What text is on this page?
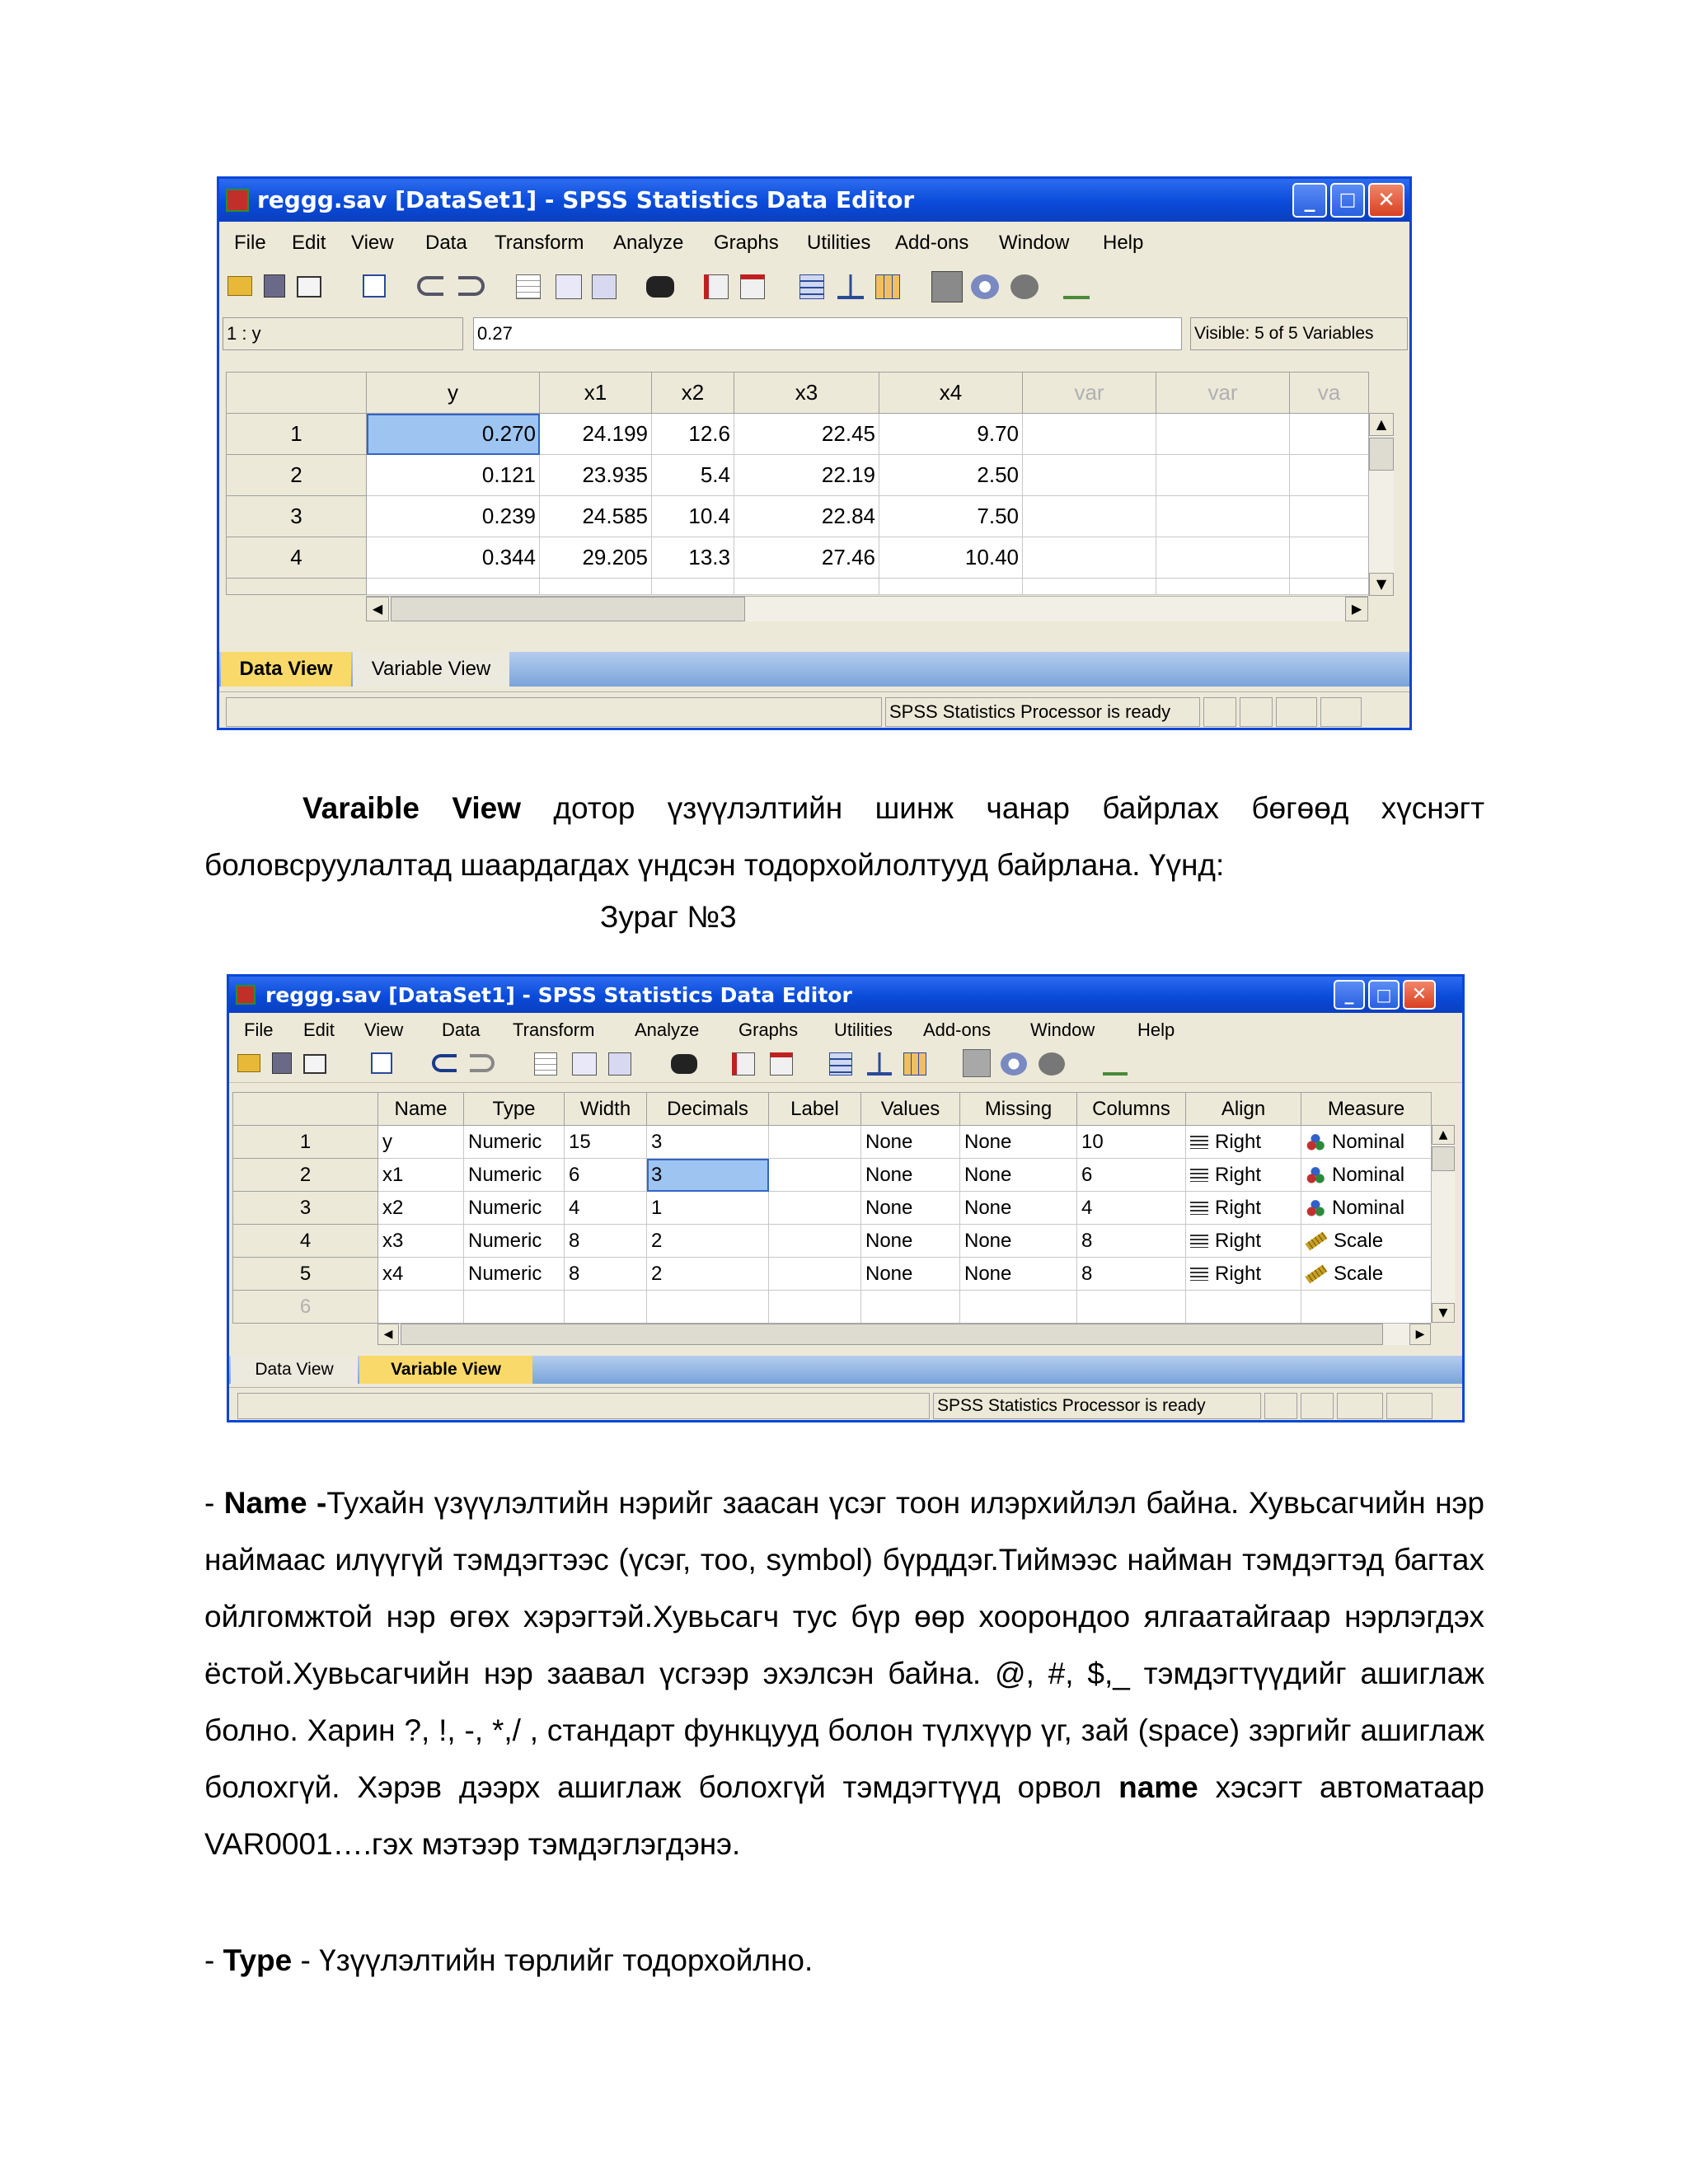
reggg.sav [DataSet1] - SPSS Statistics Data Editor	_	□ ✕
File Edit View Data Transform Analyze Graphs Utilities Add-ons Window Help
1 : y	0.27	Visible: 5 of 5 Variables
	y	x1	x2	x3	x4	var	var	va
1	0.270	24.199	12.6	22.45	9.70			
2	0.121	23.935	5.4	22.19	2.50			
3	0.239	24.585	10.4	22.84	7.50			
4	0.344	29.205	13.3	27.46	10.40			

▲
▼
◀	▶
Data View	Variable View
SPSS Statistics Processor is ready
Varaible View дотор үзүүлэлтийн шинж чанар байрлах бөгөөд хүснэгт боловсруулалтад шаардагдах үндсэн тодорхойлолтууд байрлана. Үүнд:
Зураг №3
reggg.sav [DataSet1] - SPSS Statistics Data Editor	_	□	✕
File Edit View Data Transform Analyze Graphs Utilities Add-ons Window Help
	Name	Type	Width	Decimals	Label	Values	Missing	Columns	Align	Measure
1	y	Numeric	15	3		None	None	10	Right	Nominal
2	x1	Numeric	6	3		None	None	6	Right	Nominal
3	x2	Numeric	4	1		None	None	4	Right	Nominal
4	x3	Numeric	8	2		None	None	8	Right	Scale
5	x4	Numeric	8	2		None	None	8	Right	Scale
6										
▲
▼
◀	▶
Data View	Variable View
SPSS Statistics Processor is ready
- Name -Тухайн үзүүлэлтийн нэрийг заасан үсэг тоон илэрхийлэл байна. Хувьсагчийн нэр наймаас илүүгүй тэмдэгтээс (үсэг, тоо, symbol) бүрддэг.Тиймээс найман тэмдэгтэд багтах ойлгомжтой нэр өгөх хэрэгтэй.Хувьсагч тус бүр өөр хоорондоо ялгаатайгаар нэрлэгдэх ёстой.Хувьсагчийн нэр заавал үсгээр эхэлсэн байна. @, #, $,_ тэмдэгтүүдийг ашиглаж болно. Харин ?, !, -, *,/ , стандарт функцууд болон түлхүүр үг, зай (space) зэргийг ашиглаж болохгүй. Хэрэв дээрх ашиглаж болохгүй тэмдэгтүүд орвол name хэсэгт автоматаар VAR0001….гэх мэтээр тэмдэглэгдэнэ.
- Type - Үзүүлэлтийн төрлийг тодорхойлно.
